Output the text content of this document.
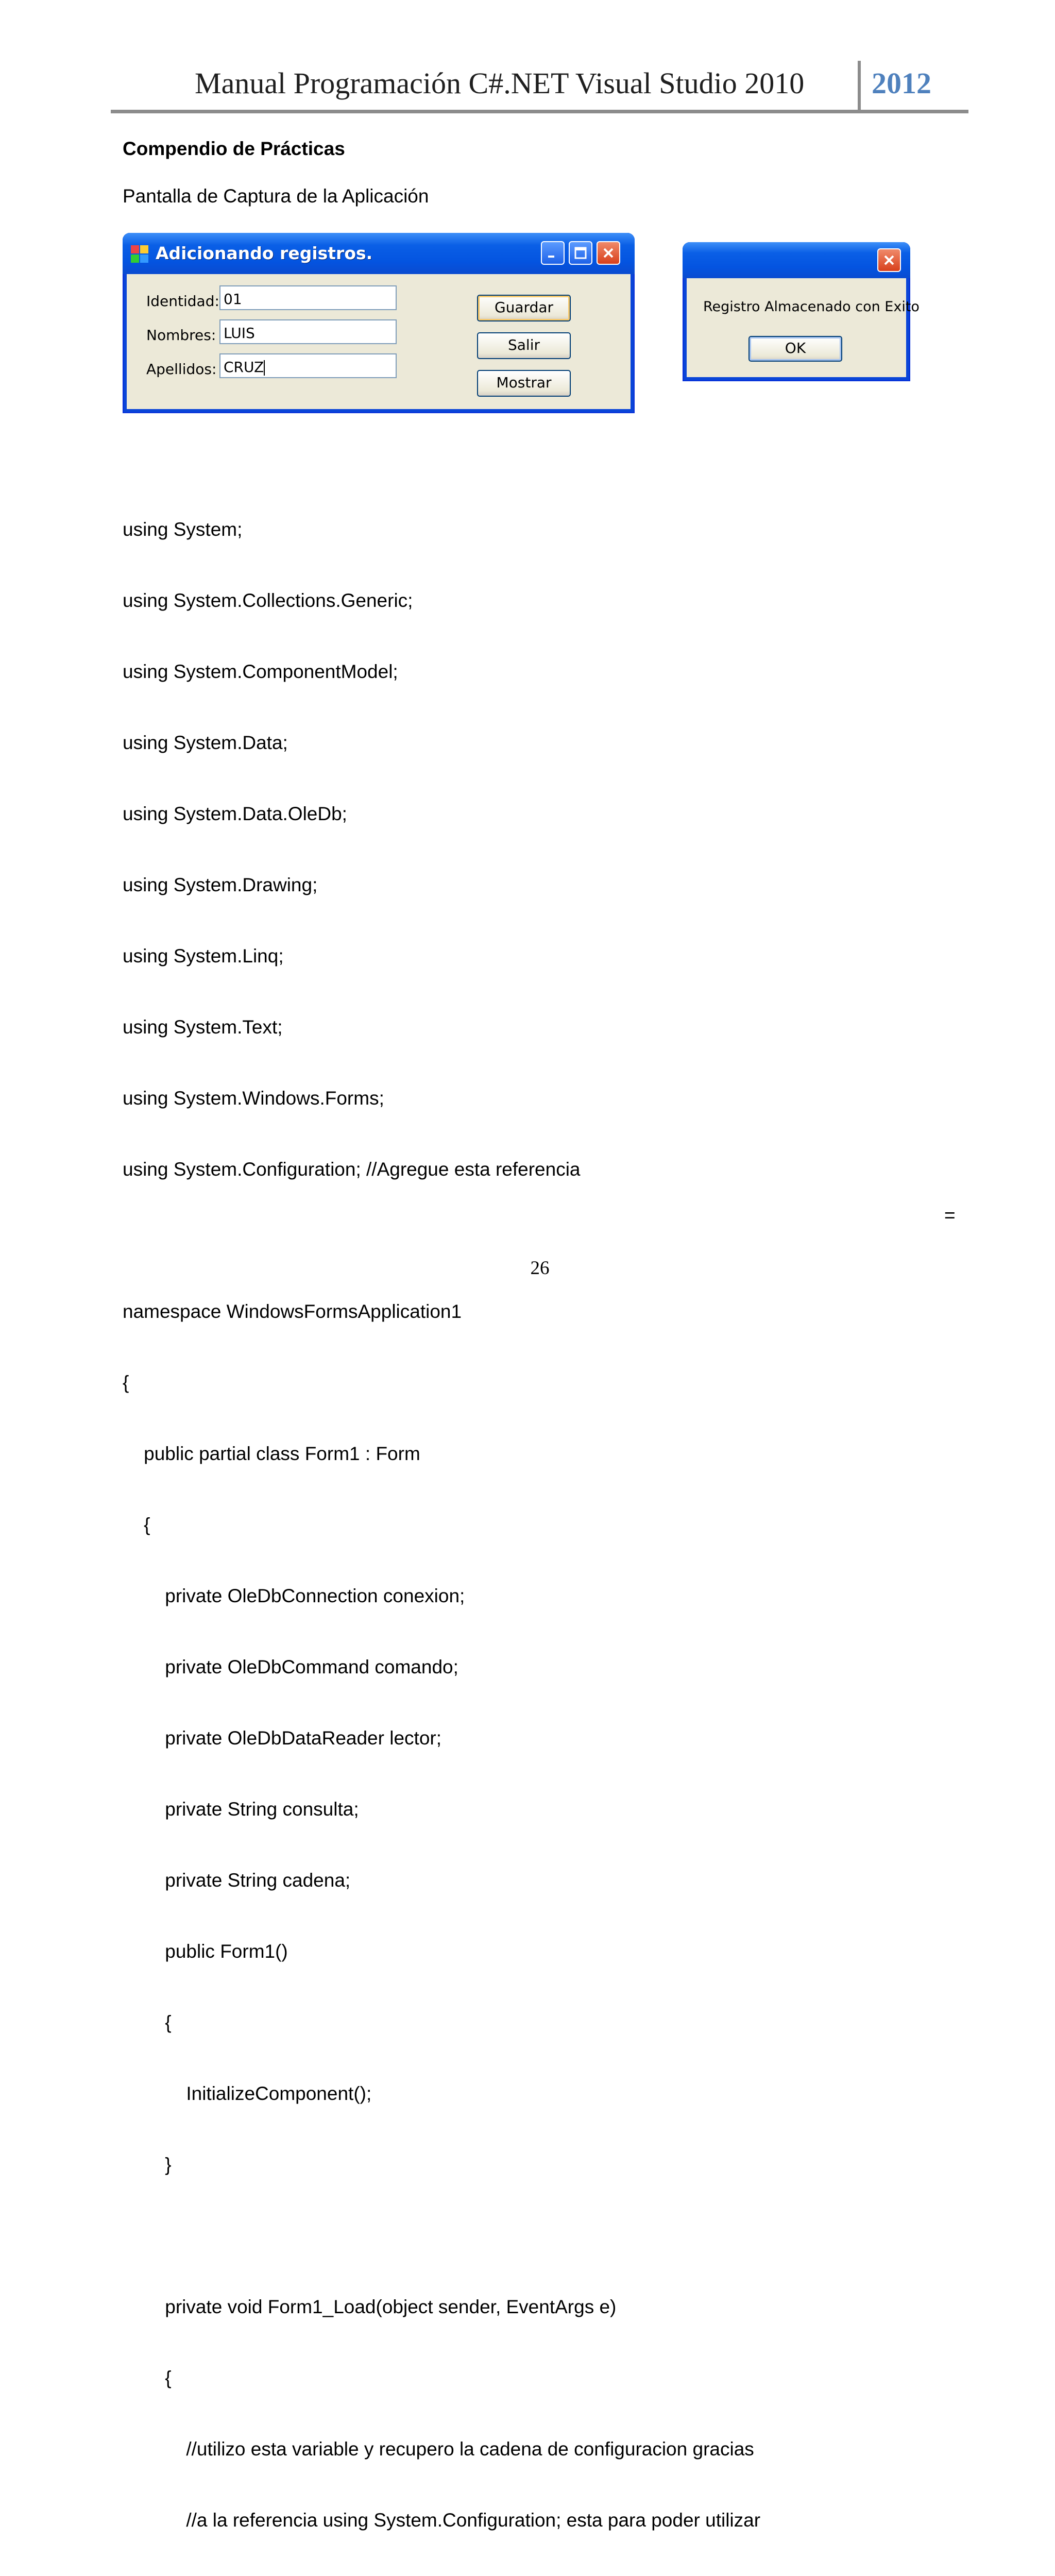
Manual Programación C#.NET Visual Studio 2010 2012
Compendio de Prácticas
Pantalla de Captura de la Aplicación
Adicionando registros.
Identidad:
Nombres:
Apellidos:
01
LUIS
CRUZ
Guardar
Salir
Mostrar
Registro Almacenado con Exito
OK

using System;

using System.Collections.Generic;

using System.ComponentModel;

using System.Data;

using System.Data.OleDb;

using System.Drawing;

using System.Linq;

using System.Text;

using System.Windows.Forms;

using System.Configuration; //Agregue esta referencia

namespace WindowsFormsApplication1

{

public partial class Form1 : Form

{

private OleDbConnection conexion;

private OleDbCommand comando;

private OleDbDataReader lector;

private String consulta;

private String cadena;

public Form1()

{

InitializeComponent();

}

private void Form1_Load(object sender, EventArgs e)

{

//utilizo esta variable y recupero la cadena de configuracion gracias

//a la referencia using System.Configuration; esta para poder utilizar

=
26
